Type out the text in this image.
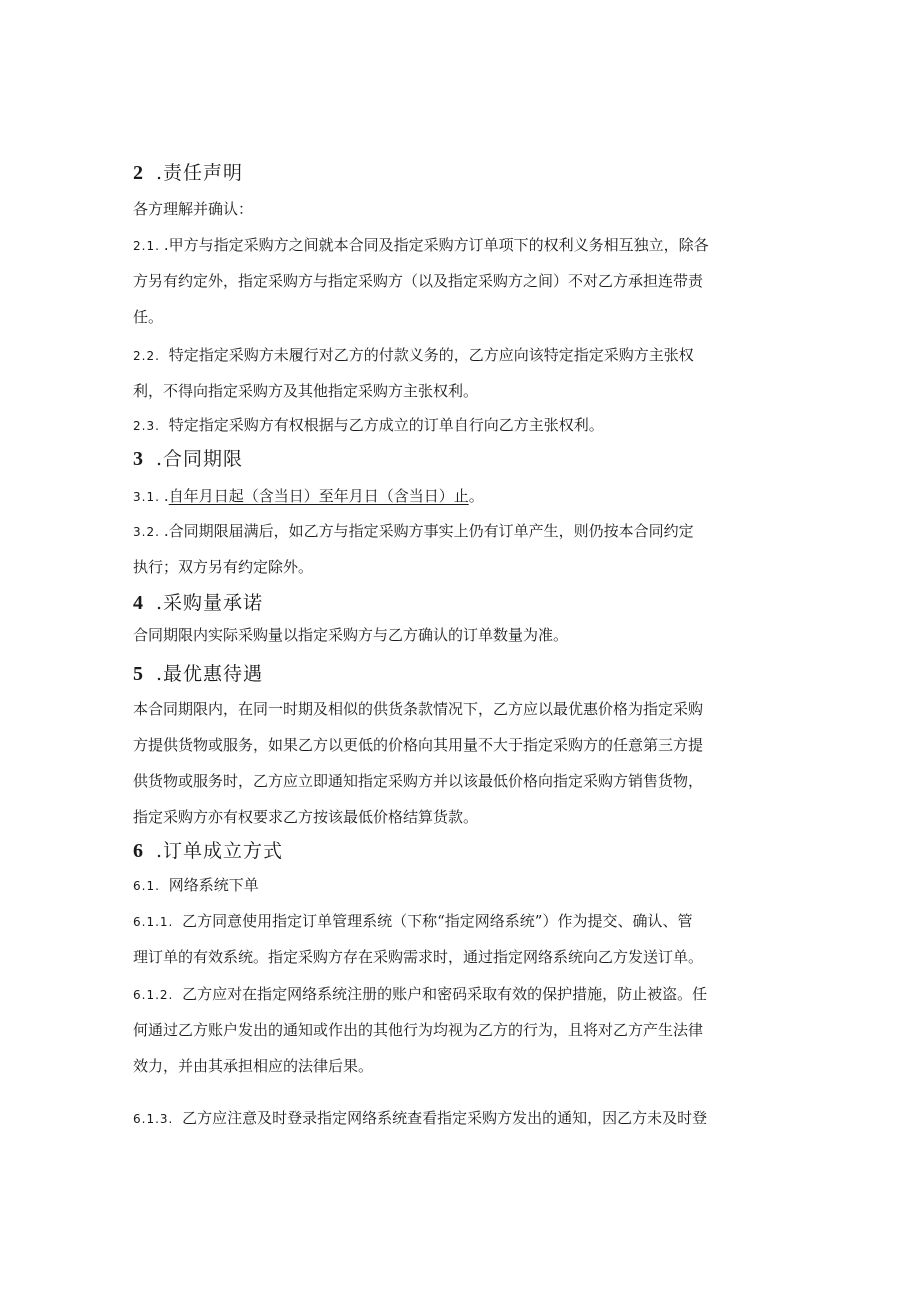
2 .责任声明
各方理解并确认：
2.1. .甲方与指定采购方之间就本合同及指定采购方订单项下的权利义务相互独立，除各
方另有约定外，指定采购方与指定采购方（以及指定采购方之间）不对乙方承担连带责
任。
2.2. 特定指定采购方未履行对乙方的付款义务的，乙方应向该特定指定采购方主张权
利，不得向指定采购方及其他指定采购方主张权利。
2.3. 特定指定采购方有权根据与乙方成立的订单自行向乙方主张权利。
3 .合同期限
3.1. .自年月日起（含当日）至年月日（含当日）止。
3.2. .合同期限届满后，如乙方与指定采购方事实上仍有订单产生，则仍按本合同约定
执行；双方另有约定除外。
4 .采购量承诺
合同期限内实际采购量以指定采购方与乙方确认的订单数量为准。
5 .最优惠待遇
本合同期限内，在同一时期及相似的供货条款情况下，乙方应以最优惠价格为指定采购
方提供货物或服务，如果乙方以更低的价格向其用量不大于指定采购方的任意第三方提
供货物或服务时，乙方应立即通知指定采购方并以该最低价格向指定采购方销售货物，
指定采购方亦有权要求乙方按该最低价格结算货款。
6 .订单成立方式
6.1. 网络系统下单
6.1.1. 乙方同意使用指定订单管理系统（下称“指定网络系统”）作为提交、确认、管
理订单的有效系统。指定采购方存在采购需求时，通过指定网络系统向乙方发送订单。
6.1.2. 乙方应对在指定网络系统注册的账户和密码采取有效的保护措施，防止被盗。任
何通过乙方账户发出的通知或作出的其他行为均视为乙方的行为，且将对乙方产生法律
效力，并由其承担相应的法律后果。
6.1.3. 乙方应注意及时登录指定网络系统查看指定采购方发出的通知，因乙方未及时登
